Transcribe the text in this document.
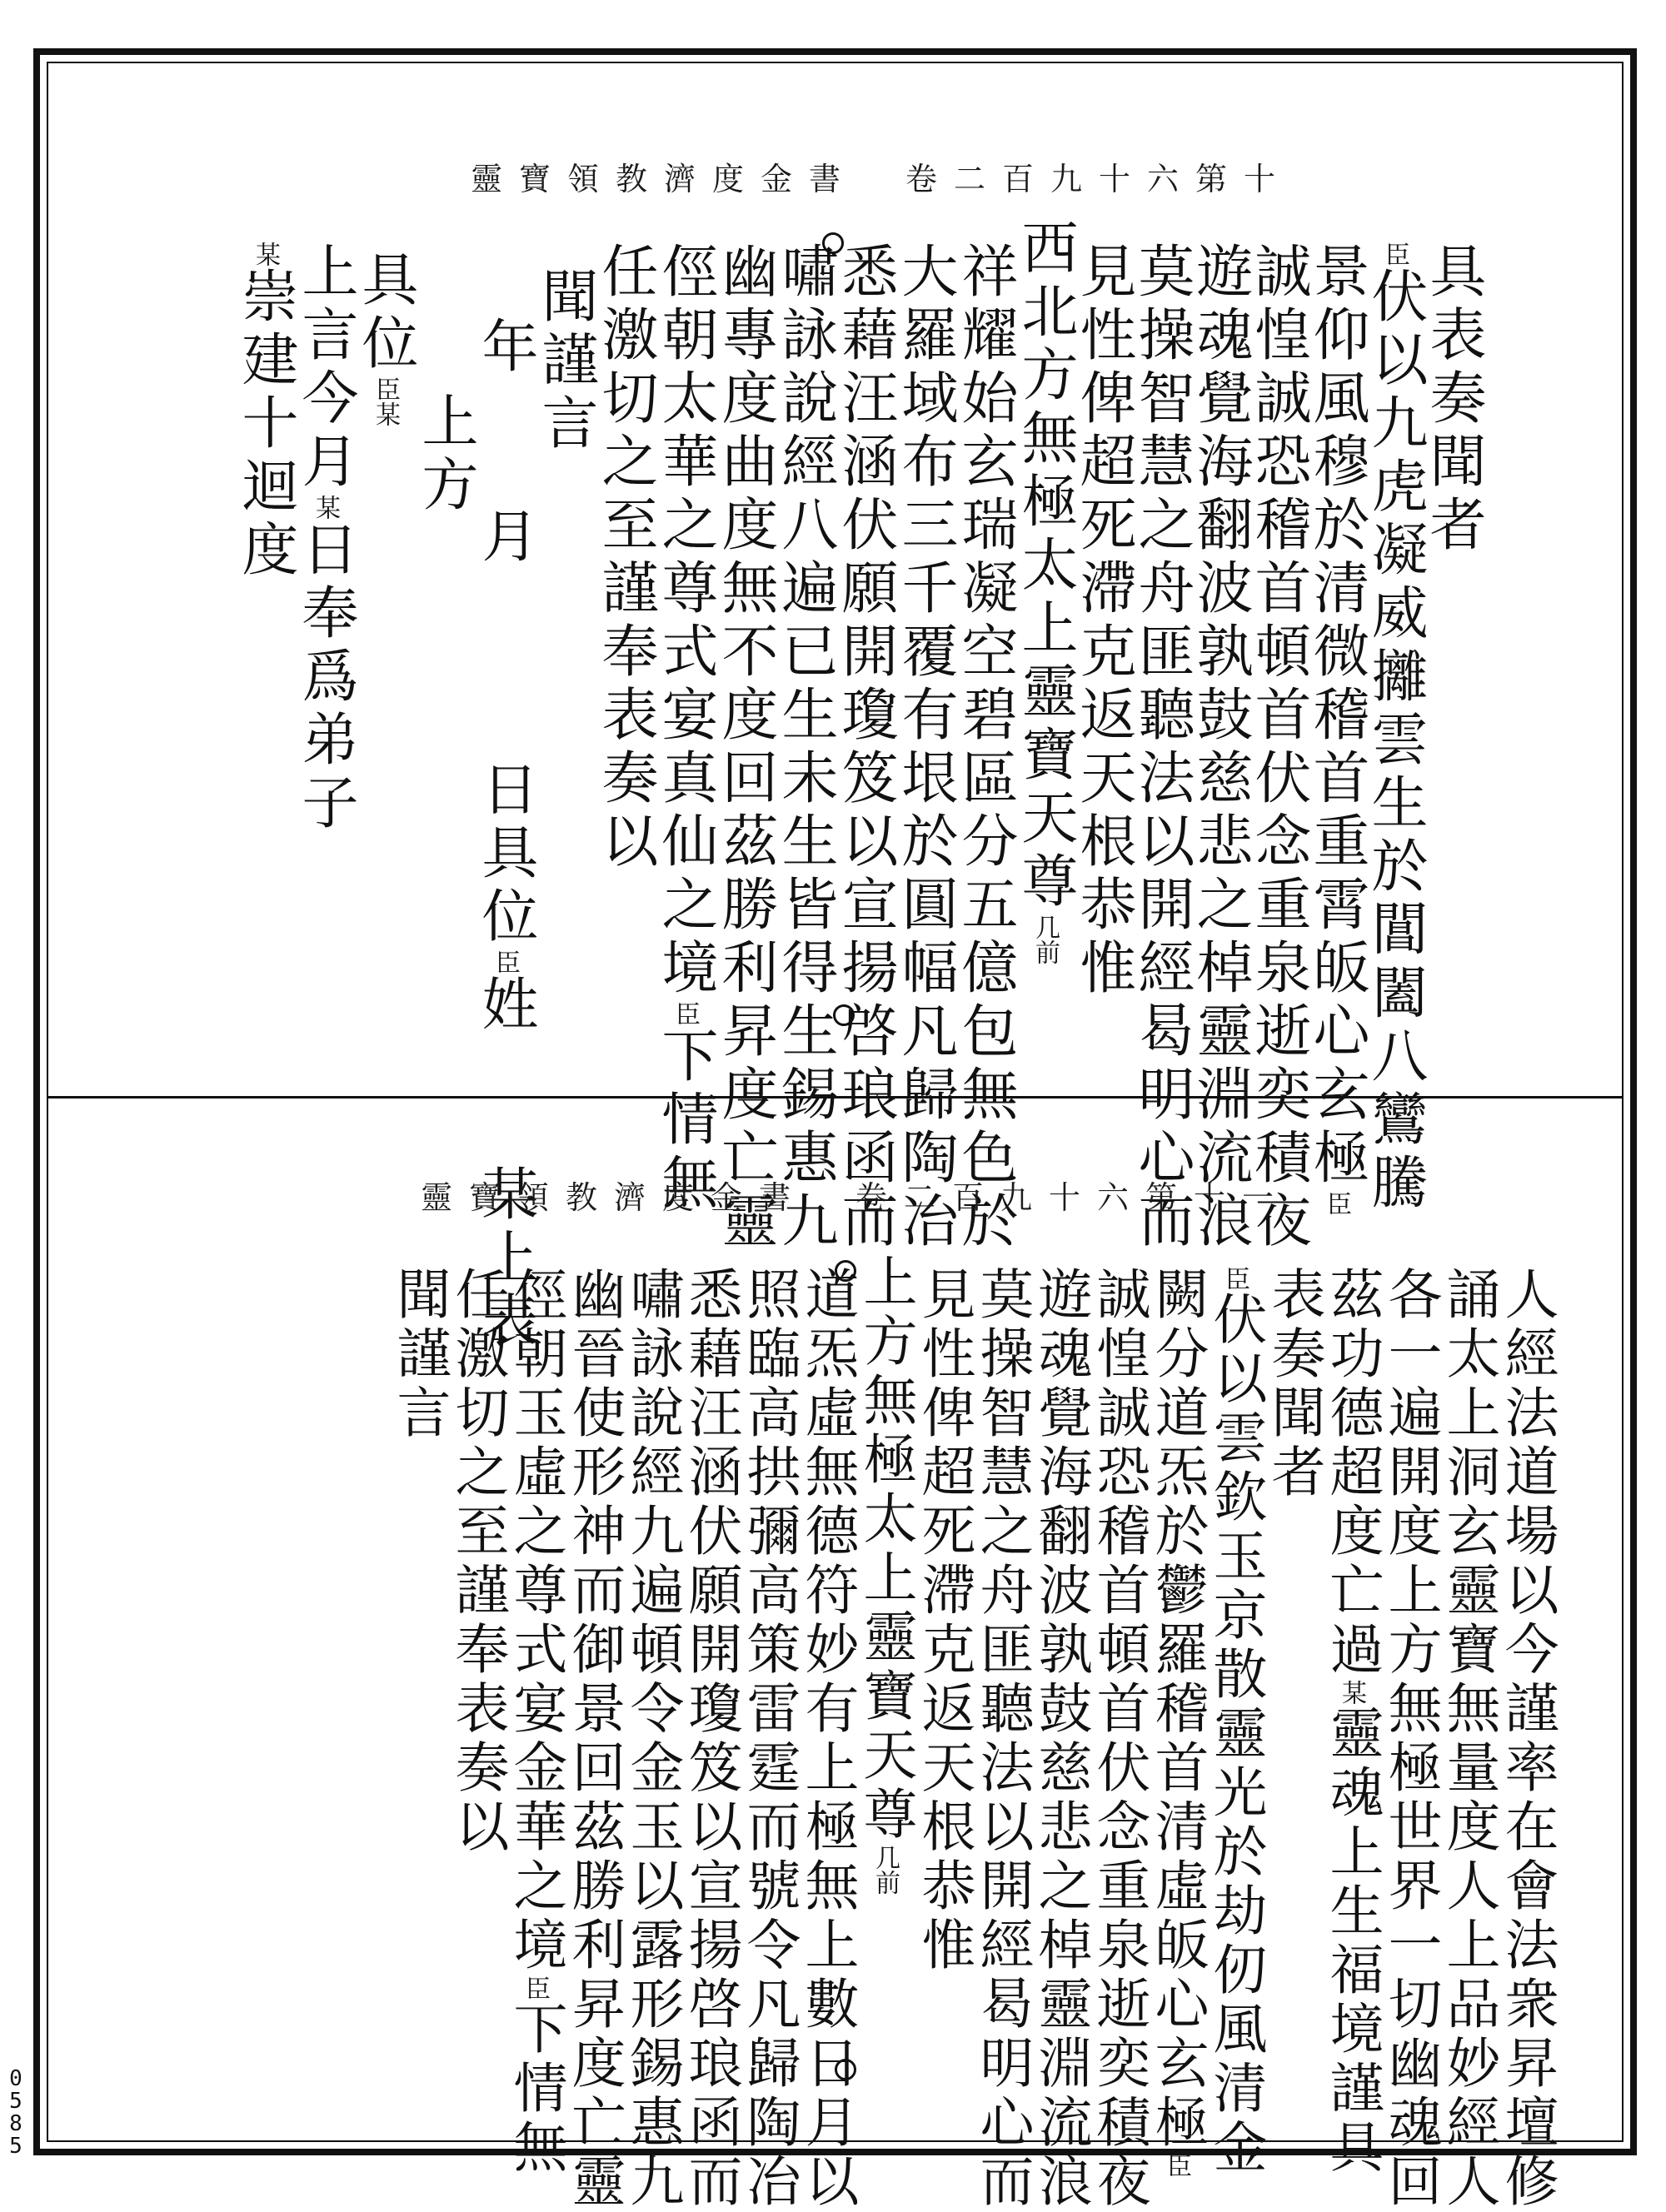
靈寶領教濟度金書 卷二百九十六第十
具表奏聞者
臣伏以九虎凝威攡雲生於閶闔八鸞騰
景仰風穆於清微稽首重霄皈心玄極臣
誠惶誠恐稽首頓首伏念重泉逝奕積夜
遊魂覺海翻波孰鼓慈悲之棹靈淵流浪
莫操智慧之舟匪聽法以開經曷明心而
見性俾超死滯克返天根恭惟
西北方無極太上靈寶天尊几前
祥耀始玄瑞凝空碧區分五億包無色於
大羅域布三千覆有垠於圓幅凡歸陶冶
悉藉汪涵伏願開瓊笈以宣揚啓琅函而
嘯詠說經八遍已生未生皆得生錫惠九
幽專度曲度無不度回茲勝利昇度亡靈
俓朝太華之尊式宴真仙之境臣下情無
任激切之至謹奉表奏以
聞謹言
年　　月　　　日具位臣姓　　某上表
上方
具位臣某
上言今月某日奉爲弟子
某崇建十迴度
靈寶領教濟度金書 卷二百九十六第十一
人經法道場以今謹率在會法衆昇壇修
誦太上洞玄靈寶無量度人上品妙經人
各一遍開度上方無極世界一切幽魂回
茲功德超度亡過某靈魂上生福境謹具
表奏聞者
臣伏以雲欽玉京散靈光於劫仞風清金
闕分道炁於鬱羅稽首清虛皈心玄極臣
誠惶誠恐稽首頓首伏念重泉逝奕積夜
遊魂覺海翻波孰鼓慈悲之棹靈淵流浪
莫操智慧之舟匪聽法以開經曷明心而
見性俾超死滯克返天根恭惟
上方無極太上靈寶天尊几前
道炁虛無德符妙有上極無上數日月以
照臨高拱彌高策雷霆而號令凡歸陶冶
悉藉汪涵伏願開瓊笈以宣揚啓琅函而
嘯詠說經九遍頓令金玉以露形錫惠九
幽晉使形神而御景回茲勝利昇度亡靈
俓朝玉虛之尊式宴金華之境臣下情無
任激切之至謹奉表奏以
聞謹言
0
5
8
5
